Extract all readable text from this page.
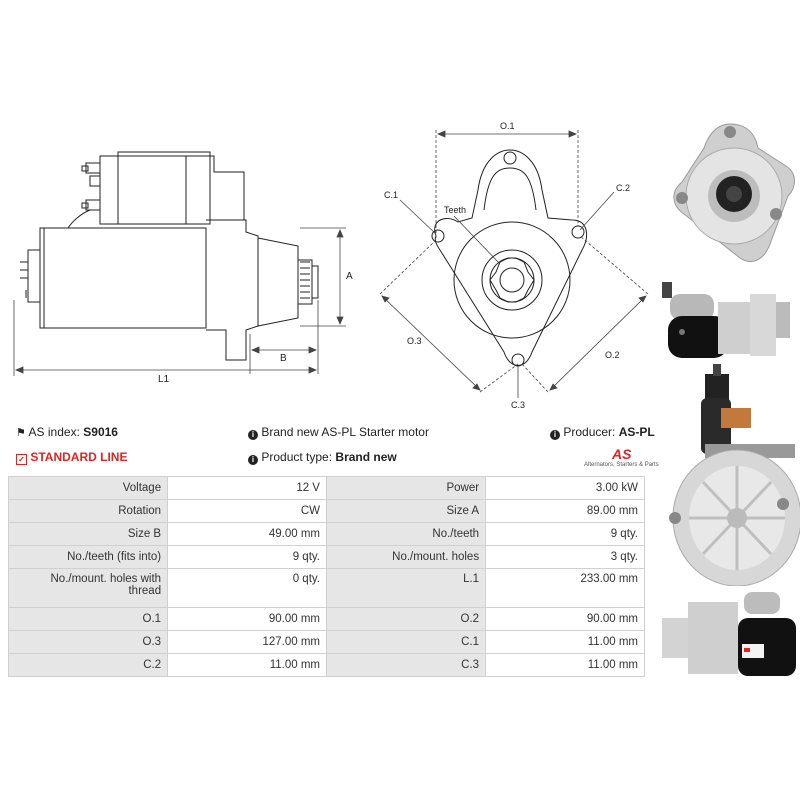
A
B
L1
O.1
O.3
O.2
C.1
C.2
C.3
Teeth
⚑ AS index: S9016	i Brand new AS-PL Starter motor	i Producer: AS-PL
✓ STANDARD LINE	i Product type: Brand new	AS
Alternators, Starters & Parts
Voltage	12 V	Power	3.00 kW
Rotation	CW	Size A	89.00 mm
Size B	49.00 mm	No./teeth	9 qty.
No./teeth (fits into)	9 qty.	No./mount. holes	3 qty.
No./mount. holes with thread	0 qty.	L.1	233.00 mm
O.1	90.00 mm	O.2	90.00 mm
O.3	127.00 mm	C.1	11.00 mm
C.2	11.00 mm	C.3	11.00 mm
